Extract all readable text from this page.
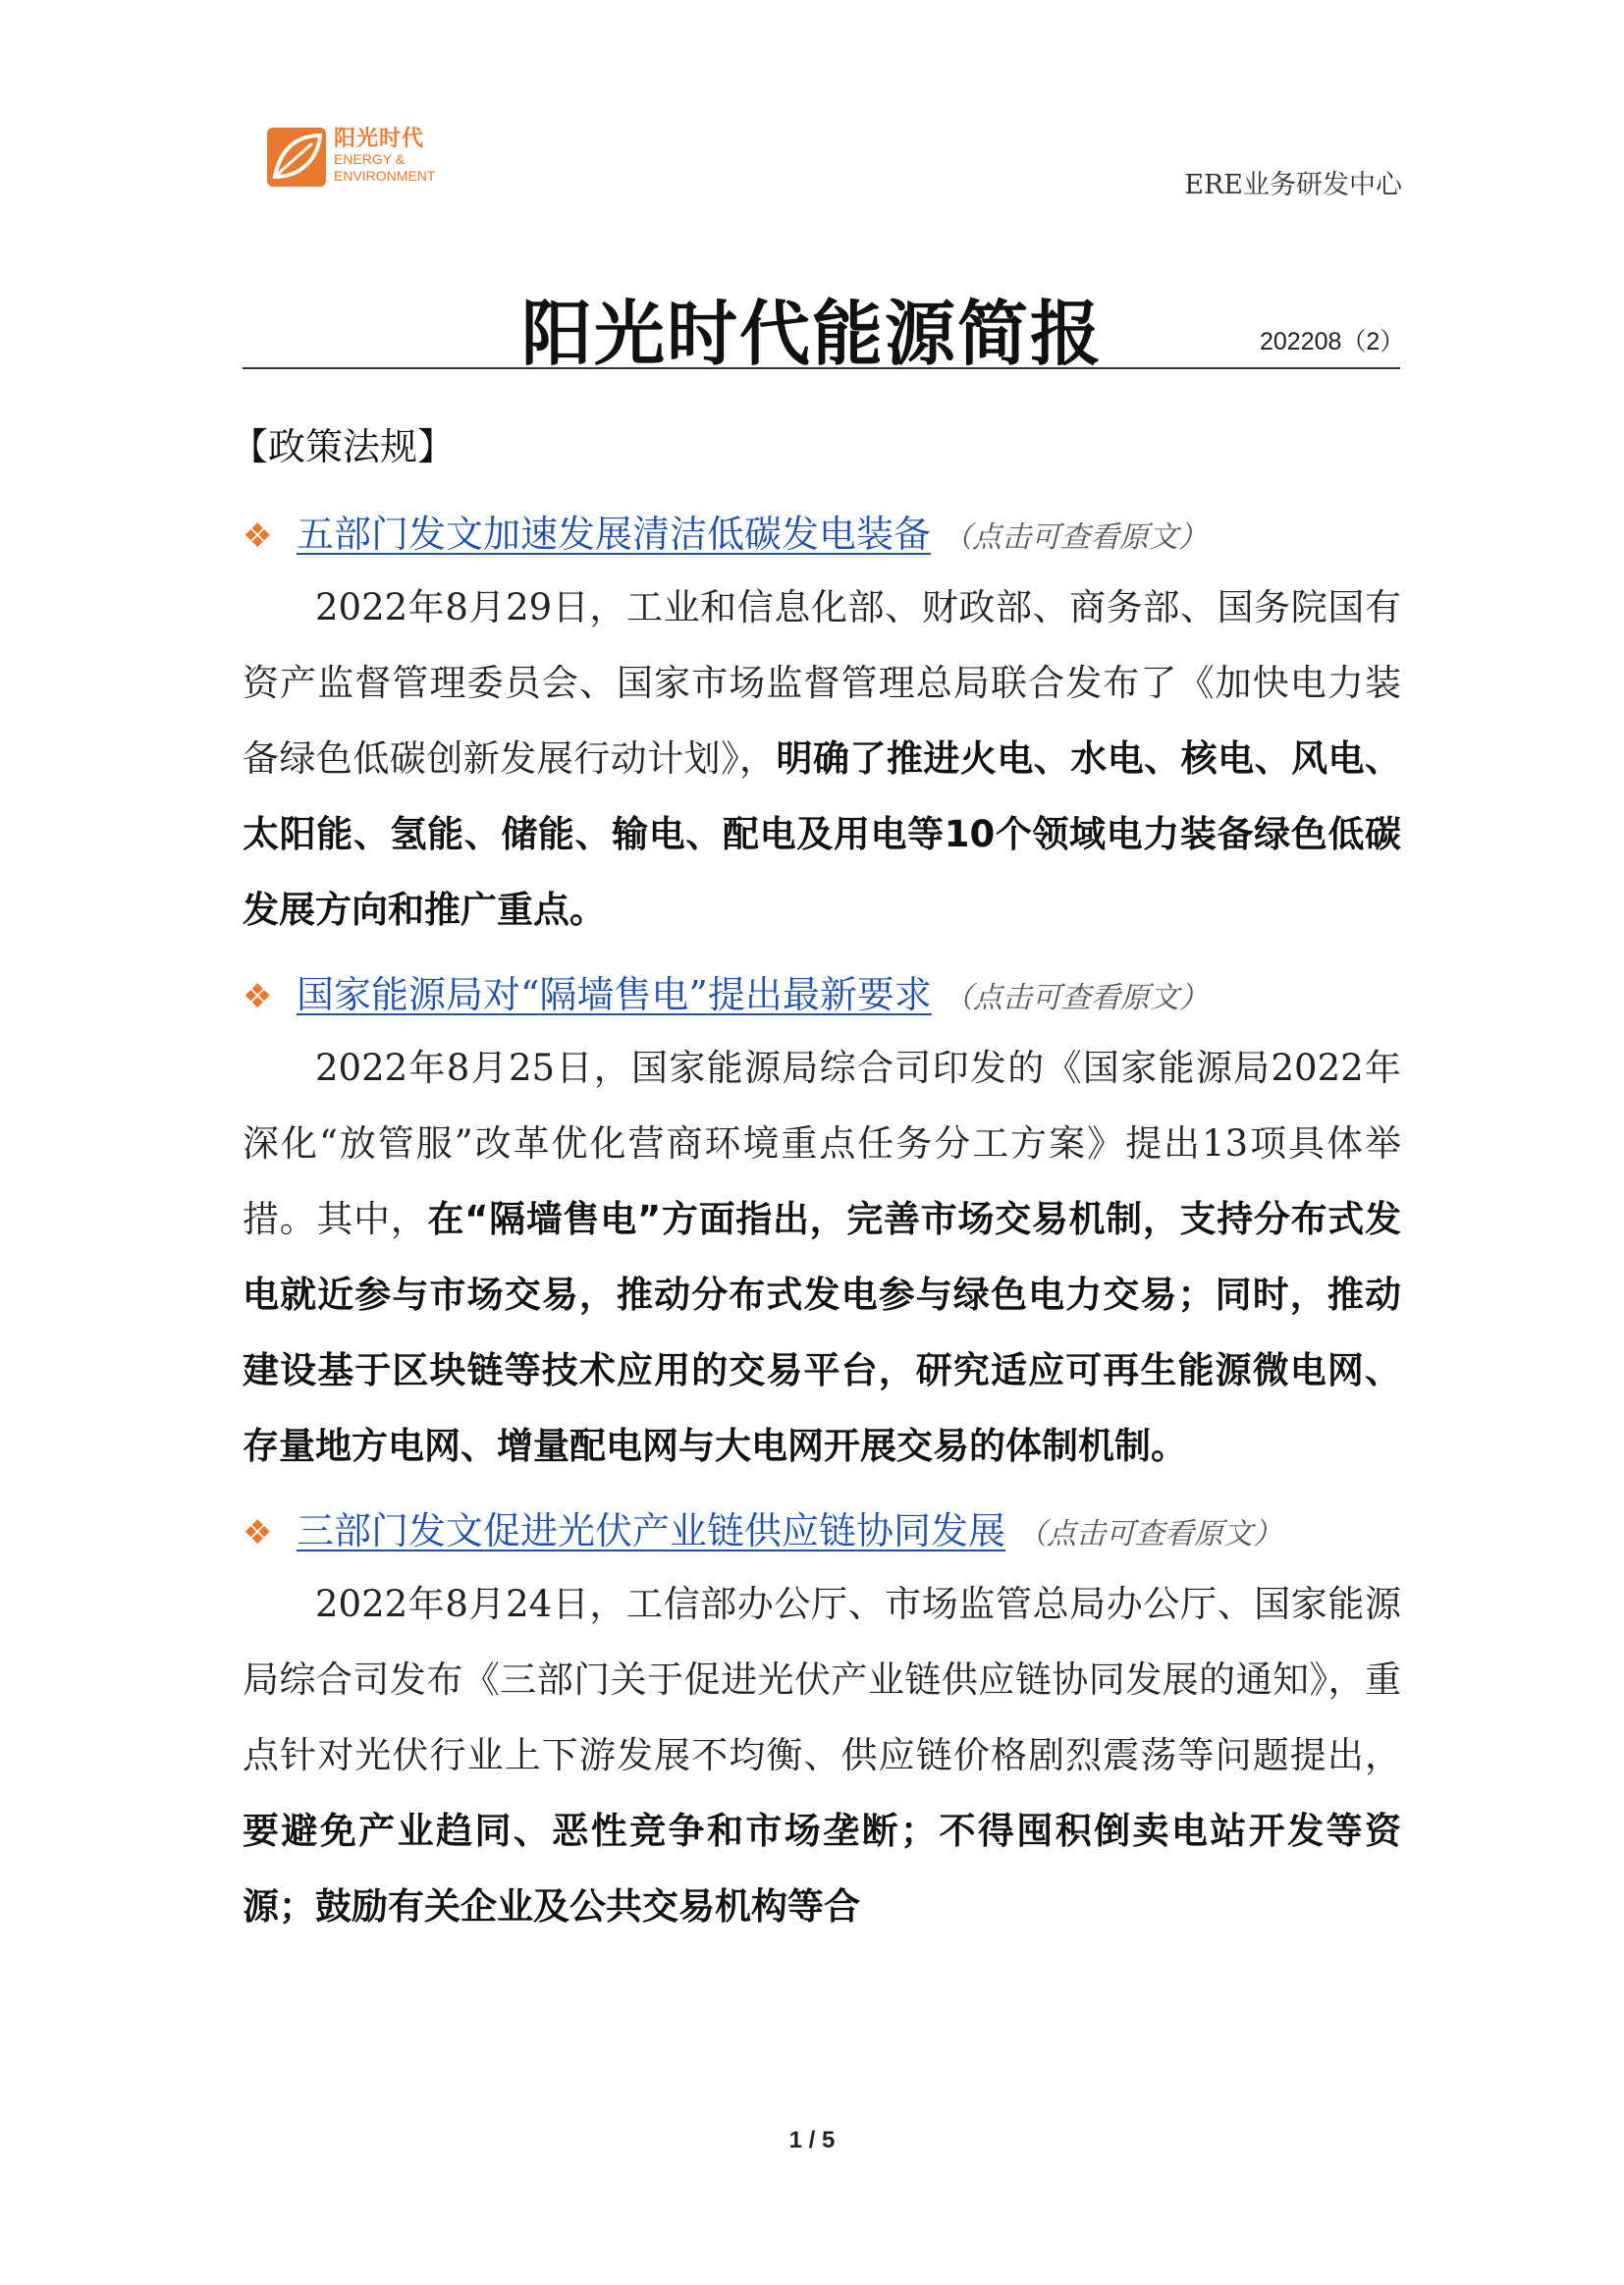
阳光时代
ENERGY &
ENVIRONMENT	ERE业务研发中心
阳光时代能源简报	202208（2）
【政策法规】
❖ 五部门发文加速发展清洁低碳发电装备 （点击可查看原文）

2022年8月29日，工业和信息化部、财政部、商务部、国务院国有资产监督管理委员会、国家市场监督管理总局联合发布了《加快电力装备绿色低碳创新发展行动计划》，明确了推进火电、水电、核电、风电、太阳能、氢能、储能、输电、配电及用电等10个领域电力装备绿色低碳发展方向和推广重点。

❖ 国家能源局对“隔墙售电”提出最新要求 （点击可查看原文）

2022年8月25日，国家能源局综合司印发的《国家能源局2022年深化“放管服”改革优化营商环境重点任务分工方案》提出13项具体举措。其中，在“隔墙售电”方面指出，完善市场交易机制，支持分布式发电就近参与市场交易，推动分布式发电参与绿色电力交易；同时，推动建设基于区块链等技术应用的交易平台，研究适应可再生能源微电网、存量地方电网、增量配电网与大电网开展交易的体制机制。

❖ 三部门发文促进光伏产业链供应链协同发展 （点击可查看原文）

2022年8月24日，工信部办公厅、市场监管总局办公厅、国家能源局综合司发布《三部门关于促进光伏产业链供应链协同发展的通知》，重点针对光伏行业上下游发展不均衡、供应链价格剧烈震荡等问题提出，要避免产业趋同、恶性竞争和市场垄断；不得囤积倒卖电站开发等资源；鼓励有关企业及公共交易机构等合

1 / 5
